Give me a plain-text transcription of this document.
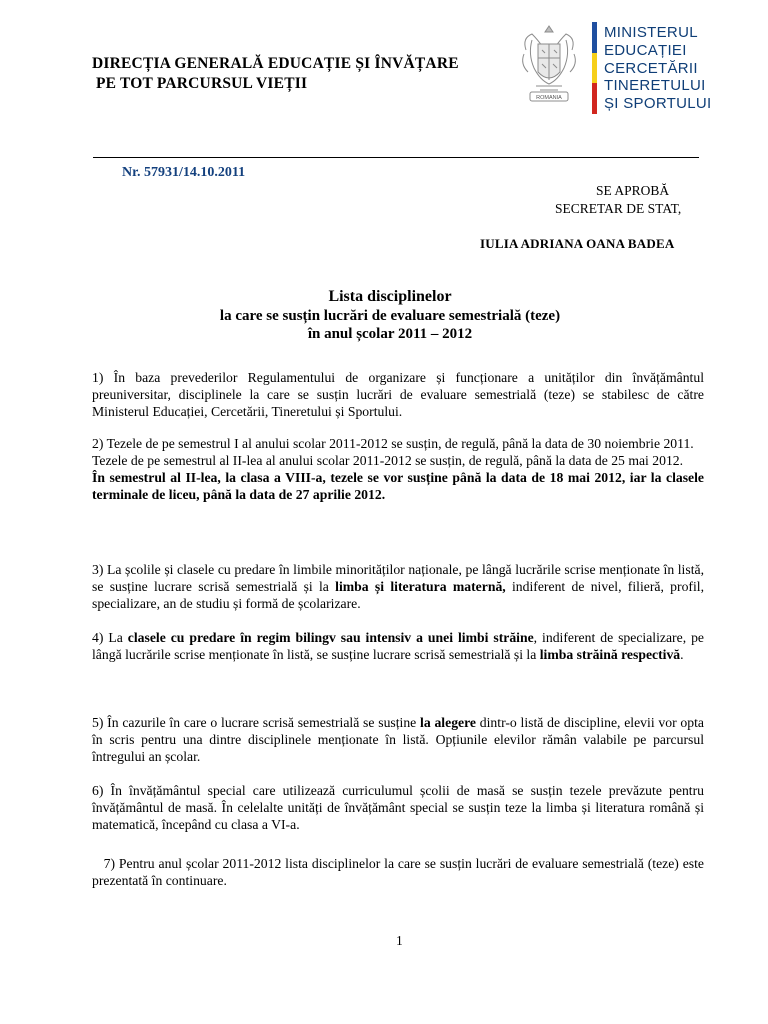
DIRECȚIA GENERALĂ EDUCAȚIE ȘI ÎNVĂȚARE
PE TOT PARCURSUL VIEȚII
ROMANIA
MINISTERUL
EDUCAȚIEI
CERCETĂRII
TINERETULUI
ȘI SPORTULUI
Nr. 57931/14.10.2011
SE APROBĂ
SECRETAR DE STAT,
IULIA ADRIANA OANA BADEA
Lista disciplinelor
la care se susțin lucrări de evaluare semestrială (teze)
în anul școlar 2011 – 2012
1) În baza prevederilor Regulamentului de organizare și funcționare a unităților din învățământul preuniversitar, disciplinele la care se susțin lucrări de evaluare semestrială (teze) se stabilesc de către Ministerul Educației, Cercetării, Tineretului și Sportului.
2) Tezele de pe semestrul I al anului scolar 2011-2012 se susțin, de regulă, până la data de 30 noiembrie 2011.
Tezele de pe semestrul al II-lea al anului scolar 2011-2012 se susțin, de regulă, până la data de 25 mai 2012.
În semestrul al II-lea, la clasa a VIII-a, tezele se vor susține până la data de 18 mai 2012, iar la clasele terminale de liceu, până la data de 27 aprilie 2012.
3) La școlile și clasele cu predare în limbile minorităților naționale, pe lângă lucrările scrise menționate în listă, se susține lucrare scrisă semestrială și la limba și literatura maternă, indiferent de nivel, filieră, profil, specializare, an de studiu și formă de școlarizare.
4) La clasele cu predare în regim bilingv sau intensiv a unei limbi străine, indiferent de specializare, pe lângă lucrările scrise menționate în listă, se susține lucrare scrisă semestrială și la limba străină respectivă.
5) În cazurile în care o lucrare scrisă semestrială se susține la alegere dintr-o listă de discipline, elevii vor opta în scris pentru una dintre disciplinele menționate în listă. Opțiunile elevilor rămân valabile pe parcursul întregului an școlar.
6) În învățământul special care utilizează curriculumul școlii de masă se susțin tezele prevăzute pentru învățământul de masă. În celelalte unități de învățământ special se susțin teze la limba și literatura română și matematică, începând cu clasa a VI-a.
7) Pentru anul școlar 2011-2012 lista disciplinelor la care se susțin lucrări de evaluare semestrială (teze) este prezentată în continuare.
1
